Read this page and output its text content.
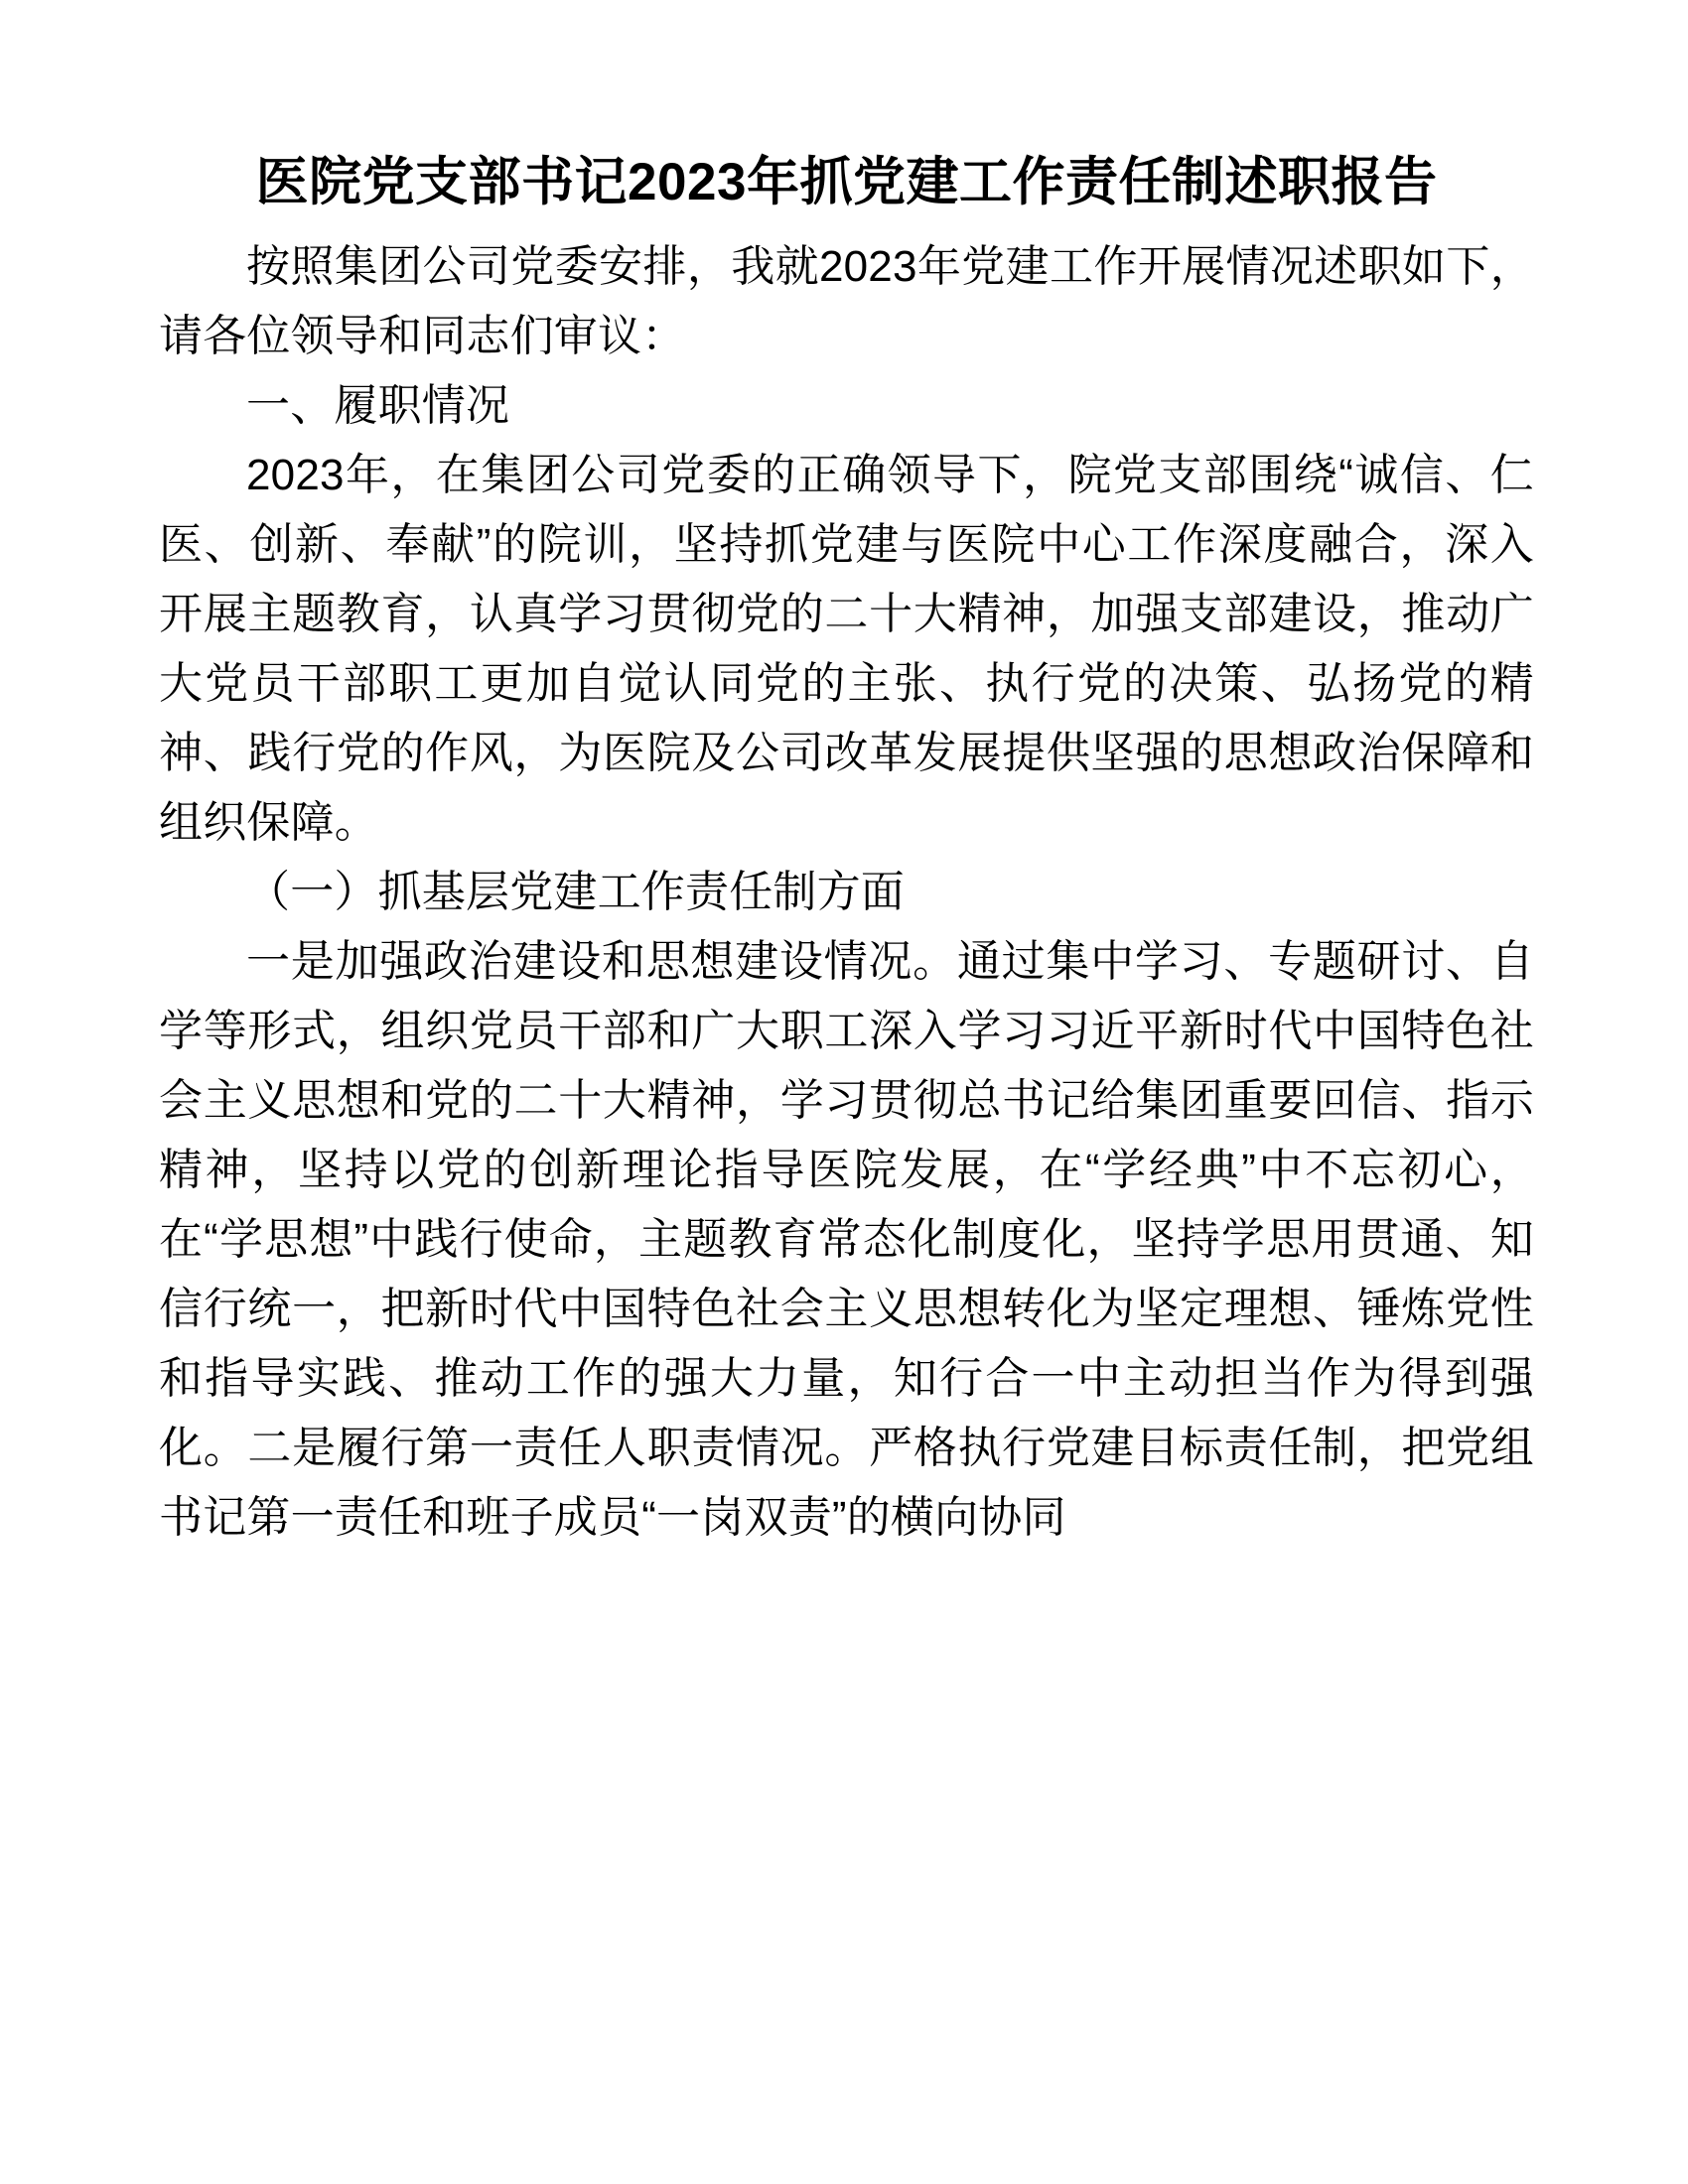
医院党支部书记2023年抓党建工作责任制述职报告

按照集团公司党委安排，我就2023年党建工作开展情况述职如下，请各位领导和同志们审议：

一、履职情况

2023年，在集团公司党委的正确领导下，院党支部围绕“诚信、仁医、创新、奉献”的院训，坚持抓党建与医院中心工作深度融合，深入开展主题教育，认真学习贯彻党的二十大精神，加强支部建设，推动广大党员干部职工更加自觉认同党的主张、执行党的决策、弘扬党的精神、践行党的作风，为医院及公司改革发展提供坚强的思想政治保障和组织保障。

（一）抓基层党建工作责任制方面

一是加强政治建设和思想建设情况。通过集中学习、专题研讨、自学等形式，组织党员干部和广大职工深入学习习近平新时代中国特色社会主义思想和党的二十大精神，学习贯彻总书记给集团重要回信、指示精神，坚持以党的创新理论指导医院发展，在“学经典”中不忘初心，在“学思想”中践行使命，主题教育常态化制度化，坚持学思用贯通、知信行统一，把新时代中国特色社会主义思想转化为坚定理想、锤炼党性和指导实践、推动工作的强大力量，知行合一中主动担当作为得到强化。二是履行第一责任人职责情况。严格执行党建目标责任制，把党组书记第一责任和班子成员“一岗双责”的横向协同
